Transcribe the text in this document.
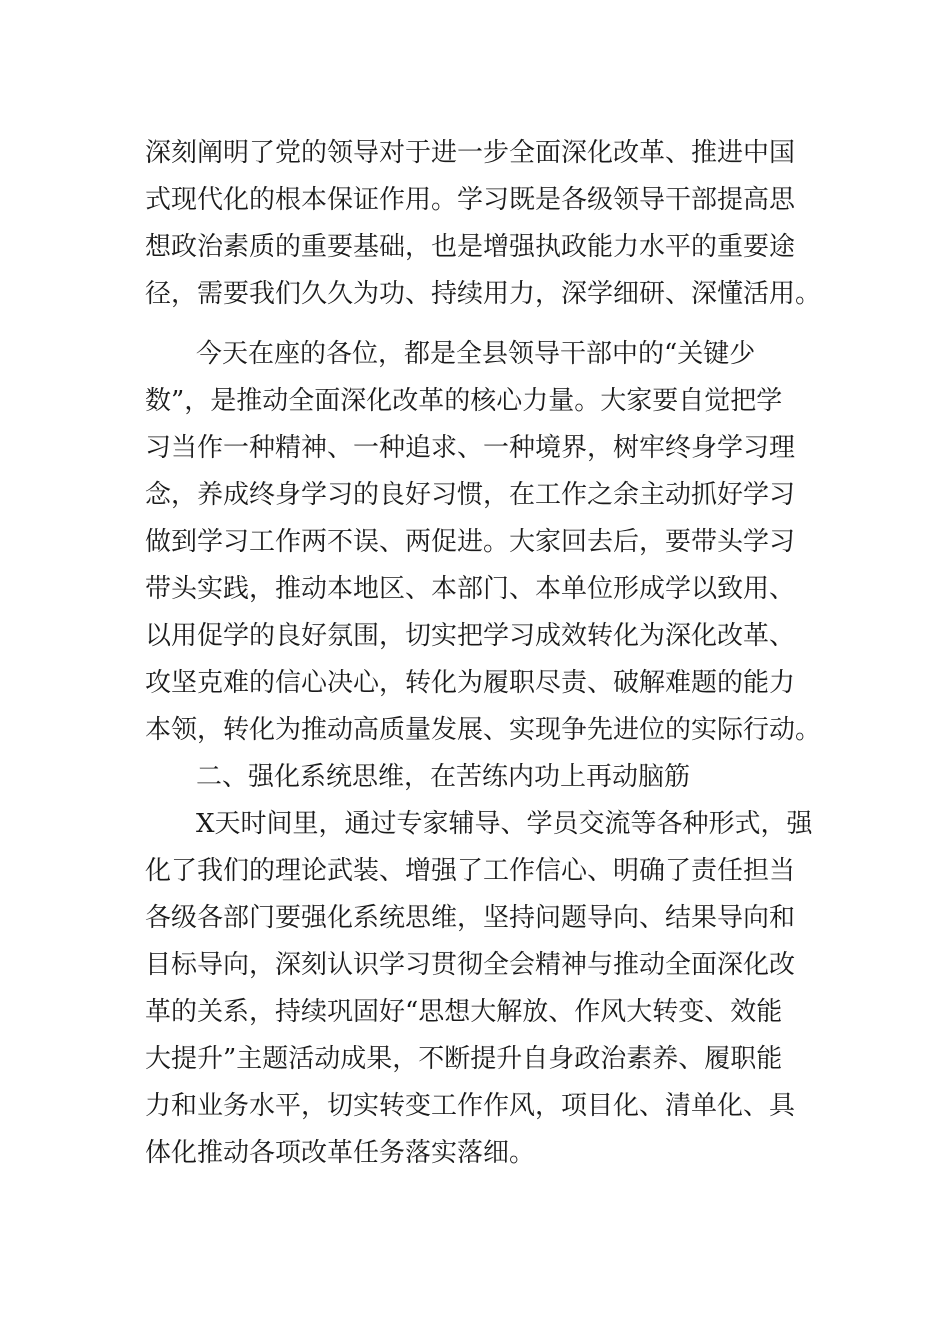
深刻阐明了党的领导对于进一步全面深化改革、推进中国

式现代化的根本保证作用。学习既是各级领导干部提高思

想政治素质的重要基础，也是增强执政能力水平的重要途

径，需要我们久久为功、持续用力，深学细研、深懂活用。

今天在座的各位，都是全县领导干部中的“关键少

数”，是推动全面深化改革的核心力量。大家要自觉把学

习当作一种精神、一种追求、一种境界，树牢终身学习理

念，养成终身学习的良好习惯，在工作之余主动抓好学习

做到学习工作两不误、两促进。大家回去后，要带头学习

带头实践，推动本地区、本部门、本单位形成学以致用、

以用促学的良好氛围，切实把学习成效转化为深化改革、

攻坚克难的信心决心，转化为履职尽责、破解难题的能力

本领，转化为推动高质量发展、实现争先进位的实际行动。

二、强化系统思维，在苦练内功上再动脑筋

X天时间里，通过专家辅导、学员交流等各种形式，强

化了我们的理论武装、增强了工作信心、明确了责任担当

各级各部门要强化系统思维，坚持问题导向、结果导向和

目标导向，深刻认识学习贯彻全会精神与推动全面深化改

革的关系，持续巩固好“思想大解放、作风大转变、效能

大提升”主题活动成果，不断提升自身政治素养、履职能

力和业务水平，切实转变工作作风，项目化、清单化、具

体化推动各项改革任务落实落细。
